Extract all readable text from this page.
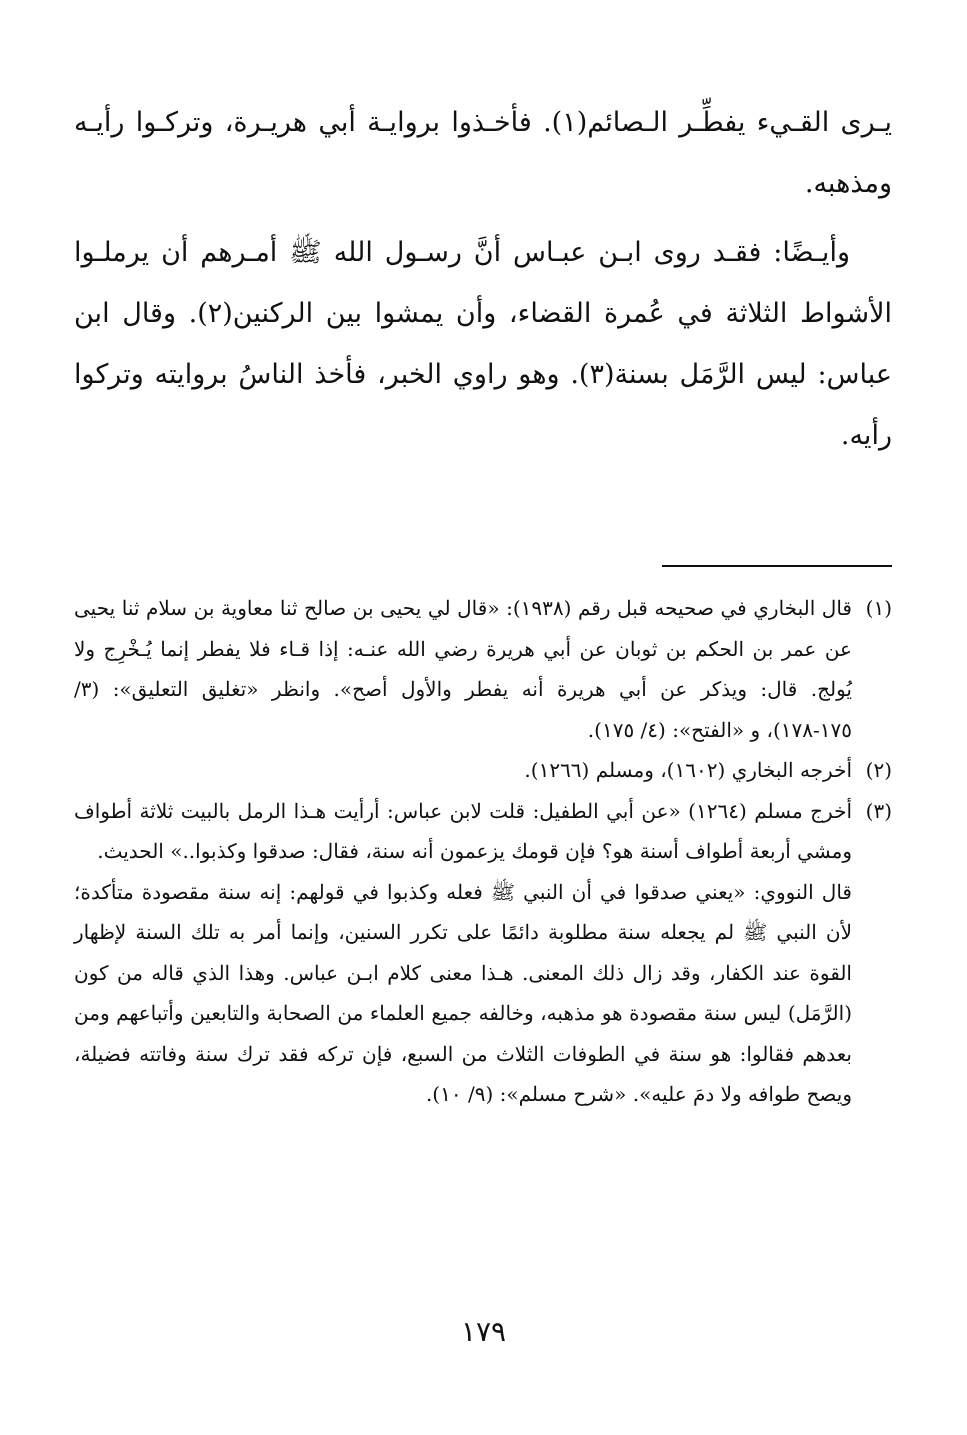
يـرى القـيء يفطِّـر الـصائم(١). فأخـذوا بروايـة أبي هريـرة، وتركـوا رأيـه ومذهبه.

وأيـضًا: فقـد روى ابـن عبـاس أنَّ رسـول الله ﷺ أمـرهم أن يرملـوا الأشواط الثلاثة في عُمرة القضاء، وأن يمشوا بين الركنين(٢). وقال ابن عباس: ليس الرَّمَل بسنة(٣). وهو راوي الخبر، فأخذ الناسُ بروايته وتركوا رأيه.

(١)

قال البخاري في صحيحه قبل رقم (١٩٣٨): «قال لي يحيى بن صالح ثنا معاوية بن سلام ثنا يحيى عن عمر بن الحكم بن ثوبان عن أبي هريرة رضي الله عنـه: إذا قـاء فلا يفطر إنما يُـخْرِج ولا يُولج. قال: ويذكر عن أبي هريرة أنه يفطر والأول أصح». وانظر «تغليق التعليق»: (٣/ ١٧٥-١٧٨)، و «الفتح»: (٤/ ١٧٥).

(٢)

أخرجه البخاري (١٦٠٢)، ومسلم (١٢٦٦).

(٣)

أخرج مسلم (١٢٦٤) «عن أبي الطفيل: قلت لابن عباس: أرأيت هـذا الرمل بالبيت ثلاثة أطواف ومشي أربعة أطواف أسنة هو؟ فإن قومك يزعمون أنه سنة، فقال: صدقوا وكذبوا..» الحديث.

قال النووي: «يعني صدقوا في أن النبي ﷺ فعله وكذبوا في قولهم: إنه سنة مقصودة متأكدة؛ لأن النبي ﷺ لم يجعله سنة مطلوبة دائمًا على تكرر السنين، وإنما أمر به تلك السنة لإظهار القوة عند الكفار، وقد زال ذلك المعنى. هـذا معنى كلام ابـن عباس. وهذا الذي قاله من كون (الرَّمَل) ليس سنة مقصودة هو مذهبه، وخالفه جميع العلماء من الصحابة والتابعين وأتباعهم ومن بعدهم فقالوا: هو سنة في الطوفات الثلاث من السبع، فإن تركه فقد ترك سنة وفاتته فضيلة، ويصح طوافه ولا دمَ عليه». «شرح مسلم»: (٩/ ١٠).

١٧٩
